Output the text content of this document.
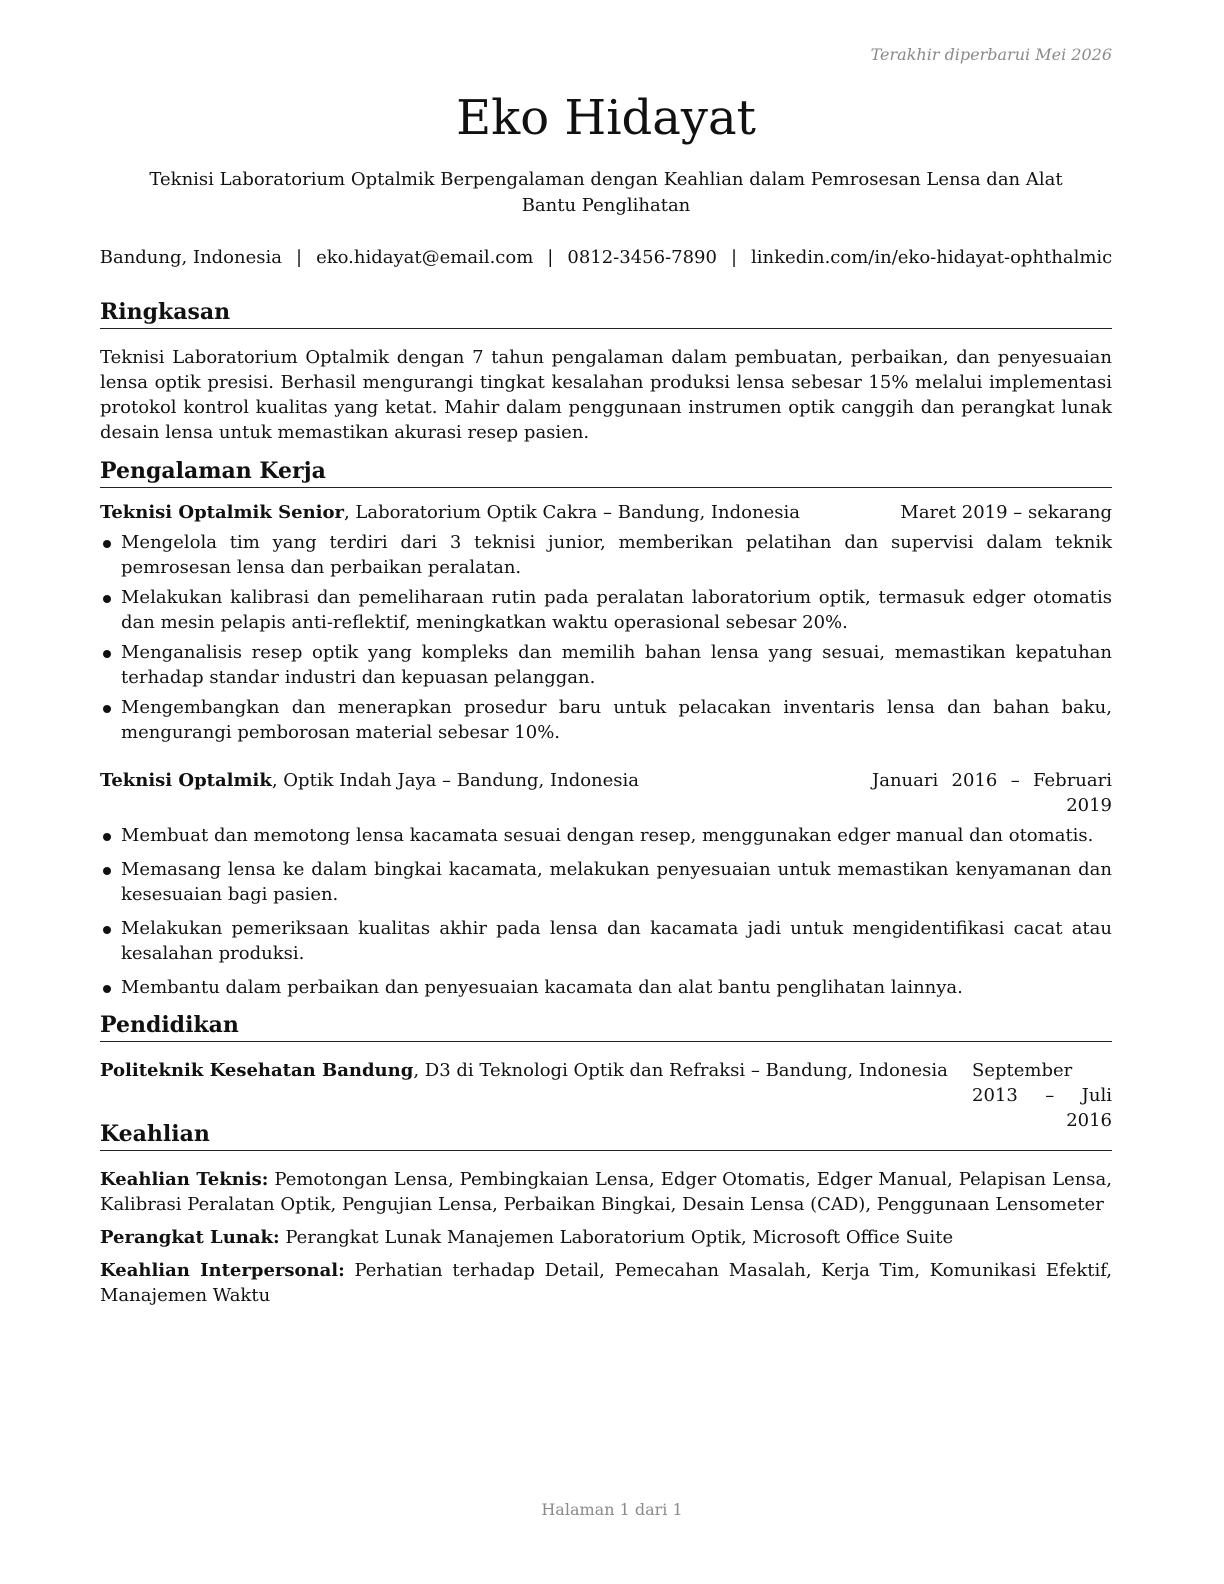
Terakhir diperbarui Mei 2026
Eko Hidayat

Teknisi Laboratorium Optalmik Berpengalaman dengan Keahlian dalam Pemrosesan Lensa dan Alat Bantu Penglihatan

Bandung, Indonesia | eko.hidayat@email.com | 0812-3456-7890 | linkedin.com/in/eko-hidayat-ophthalmic
Ringkasan

Teknisi Laboratorium Optalmik dengan 7 tahun pengalaman dalam pembuatan, perbaikan, dan penyesuaian lensa optik presisi. Berhasil mengurangi tingkat kesalahan produksi lensa sebesar 15% melalui implementasi protokol kontrol kualitas yang ketat. Mahir dalam penggunaan instrumen optik canggih dan perangkat lunak desain lensa untuk memastikan akurasi resep pasien.

Pengalaman Kerja
Teknisi Optalmik Senior, Laboratorium Optik Cakra – Bandung, Indonesia	Maret 2019 – sekarang
Mengelola tim yang terdiri dari 3 teknisi junior, memberikan pelatihan dan supervisi dalam teknik pemrosesan lensa dan perbaikan peralatan.
Melakukan kalibrasi dan pemeliharaan rutin pada peralatan laboratorium optik, termasuk edger otomatis dan mesin pelapis anti-reflektif, meningkatkan waktu operasional sebesar 20%.
Menganalisis resep optik yang kompleks dan memilih bahan lensa yang sesuai, memastikan kepatuhan terhadap standar industri dan kepuasan pelanggan.
Mengembangkan dan menerapkan prosedur baru untuk pelacakan inventaris lensa dan bahan baku, mengurangi pemborosan material sebesar 10%.
Teknisi Optalmik, Optik Indah Jaya – Bandung, Indonesia	Januari 2016 – Februari 2019
Membuat dan memotong lensa kacamata sesuai dengan resep, menggunakan edger manual dan otomatis.
Memasang lensa ke dalam bingkai kacamata, melakukan penyesuaian untuk memastikan kenyamanan dan kesesuaian bagi pasien.
Melakukan pemeriksaan kualitas akhir pada lensa dan kacamata jadi untuk mengidentifikasi cacat atau kesalahan produksi.
Membantu dalam perbaikan dan penyesuaian kacamata dan alat bantu penglihatan lainnya.
Pendidikan
Politeknik Kesehatan Bandung, D3 di Teknologi Optik dan Refraksi – Bandung, Indonesia September 2013 – Juli 2016
Keahlian

Keahlian Teknis: Pemotongan Lensa, Pembingkaian Lensa, Edger Otomatis, Edger Manual, Pelapisan Lensa, Kalibrasi Peralatan Optik, Pengujian Lensa, Perbaikan Bingkai, Desain Lensa (CAD), Penggunaan Lensometer

Perangkat Lunak: Perangkat Lunak Manajemen Laboratorium Optik, Microsoft Office Suite

Keahlian Interpersonal: Perhatian terhadap Detail, Pemecahan Masalah, Kerja Tim, Komunikasi Efektif, Manajemen Waktu

Halaman 1 dari 1
